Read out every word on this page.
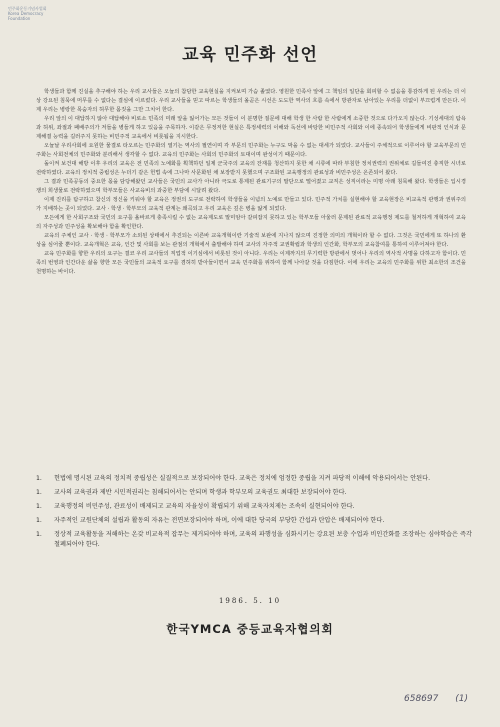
민주화운동기념사업회 Korea Democracy Foundation
교육 민주화 선언

학생들과 함께 진실을 추구해야 하는 우리 교사들은 오늘의 참담한 교육현실을 지켜보며 가슴 졸였다. 영원한 민족사 앞에 그 책임의 일단을 회피할 수 없음을 통감하게 된 우리는 더 이상 강요된 침묵에 머무를 수 없다는 결심에 이르렀다. 우리 교사들을 믿고 따르는 학생들의 올곧은 시선은 도도한 역사의 흐름 속에서 방관자로 남아있는 우리를 더없이 부끄럽게 만든다. 이제 우리는 병랑한 목숨자의 허무한 몸짓을 그만 그치어 한다.

우리 앞의 이 대답하지 않아 대답해야 비로소 민족의 미래 앞을 잃어가는 모든 것들이 이 분명한 질문에 대해 학생 한 사람 한 사람에게 소중한 것으로 다가오지 않는다. 기성세대의 탐욕과 허위, 좌절과 패배주의가 저들을 병들게 하고 있음을 주목하자. 이같은 무정저한 현실은 특정세력의 이해와 독선에 바탕한 비민주적 사회와 이에 종속되어 학생들에게 비판적 인식과 문제해결 능력을 길러주지 못하는 비민주적 교육에서 비롯됨을 지시한다.

오늘날 우리사회에 요원한 물결로 타오르는 민주화의 열기는 역사의 필연이며 각 부문의 민주화는 누구도 막을 수 없는 대세가 되었다. 교사들이 주체적으로 이루어야 할 교육부문의 민주화는 사회전체의 민주화와 분리해서 생각할 수 없다. 교육의 민주화는 사회의 민주화의 토대이며 완성이기 때문이다.

돌이켜 보건대 해방 이후 우리의 교육은 전 민족의 노예화를 획책하던 일제 군국주의 교육의 잔재를 청산하지 못한 채 시류에 따라 부침한 정치권력의 권위체로 길들여진 충직한 시녀로 전락하였다. 교육의 정치적 중립성은 누더기 같은 헌법 속에 그나마 사문화된 채 보장받지 못했으며 구조화된 교육행정의 관료성과 비민주성은 온존되어 왔다.

그 결과 민족공동의 중요한 몫을 담당해왔던 교사들은 국민의 교사가 아니라 극도로 통제된 관료기구의 말단으로 떨어졌고 교직은 성직이라는 미명 아래 침묵해 왔다. 학생들은 입시경쟁의 희생물로 전락하였으며 학부모들은 사교육비의 과중한 부담에 시달려 왔다.

이제 진리를 탐구하고 참신의 정신을 키워야 할 교육은 정권의 도구로 전락하여 학생들을 이념의 노예로 만들고 있다. 민주적 가치를 실현해야 할 교육현장은 비교육적 관행과 권위주의가 지배하는 곳이 되었다. 교사 · 학생 · 학부모의 교육적 관계는 왜곡되고 우리 교육은 깊은 병을 앓게 되었다.

모든에게 한 사회구조와 국민의 요구를 올바르게 충족시킬 수 없는 교육제도로 말미암아 갈피잡지 못하고 있는 학부모들 아울러 문제된 관료적 교육행정 제도를 철저하게 개혁하여 교육의 자주성과 민주성을 확보해야 함을 확인한다.

교육의 주체인 교사 · 학생 · 학부모가 소외된 상태에서 추진되는 이른바 교육개혁이란 기술적 보완에 지나지 않으며 진정한 의미의 개혁이라 할 수 없다. 그것은 국민에게 또 하나의 환상을 심어줄 뿐이다. 교육개혁은 교육, 인간 및 사회를 보는 관점의 개혁에서 출발해야 하며 교사의 자주적 교권확립과 학생의 인간화, 학부모의 교육참여를 통하여 이루어져야 한다.

교육 민주화를 향한 우리의 요구는 결코 우리 교사들의 직업적 이기심에서 비롯된 것이 아니다. 우리는 이제까지의 무기력한 방관에서 벗어나 우리의 역사적 사명을 다하고자 함이다. 민족의 번영과 인간다운 삶을 향한 모든 국민들의 교육적 요구를 겸허히 받아들이면서 교육 민주화를 위하여 함께 나아갈 것을 다짐한다. 이에 우리는 교육의 민주화를 위한 최소한의 조건을 천명하는 바이다.

1.	헌법에 명시된 교육의 정치적 중립성은 실질적으로 보장되어야 한다. 교육은 정치에 엄정한 중립을 지켜 파당적 이해에 악용되어서는 안된다.
1.	교사의 교육권과 제반 시민적권리는 침해되어서는 안되며 학생과 학부모의 교육권도 최대한 보장되어야 한다.
1.	교육행정의 비민주성, 관료성이 배제되고 교육의 자율성이 확립되기 위해 교육자치제는 조속히 실현되어야 한다.
1.	자주적인 교원단체의 설립과 활동의 자유는 전면보장되어야 하며, 이에 대한 당국의 부당한 간섭과 탄압은 배제되어야 한다.
1.	정상적 교육활동을 저해하는 온갖 비교육적 잡무는 제거되어야 하며, 교육의 파행성을 심화시키는 강요된 보충 수업과 비인간화를 조장하는 심야학습은 즉각 철폐되어야 한다.
1986. 5. 10
한국YMCA 중등교육자협의회
658697 (1)
